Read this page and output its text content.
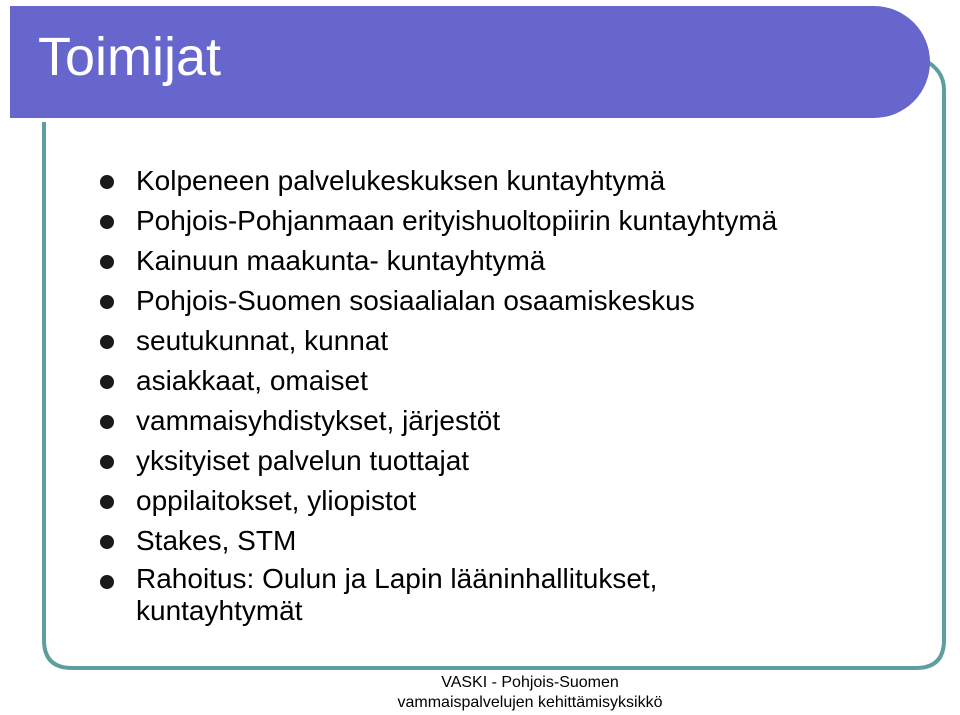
Toimijat
Kolpeneen palvelukeskuksen kuntayhtymä
Pohjois-Pohjanmaan erityishuoltopiirin kuntayhtymä
Kainuun maakunta- kuntayhtymä
Pohjois-Suomen sosiaalialan osaamiskeskus
seutukunnat, kunnat
asiakkaat, omaiset
vammaisyhdistykset, järjestöt
yksityiset palvelun tuottajat
oppilaitokset, yliopistot
Stakes, STM
Rahoitus: Oulun ja Lapin lääninhallitukset, kuntayhtymät
VASKI - Pohjois-Suomen
vammaispalvelujen kehittämisyksikkö
